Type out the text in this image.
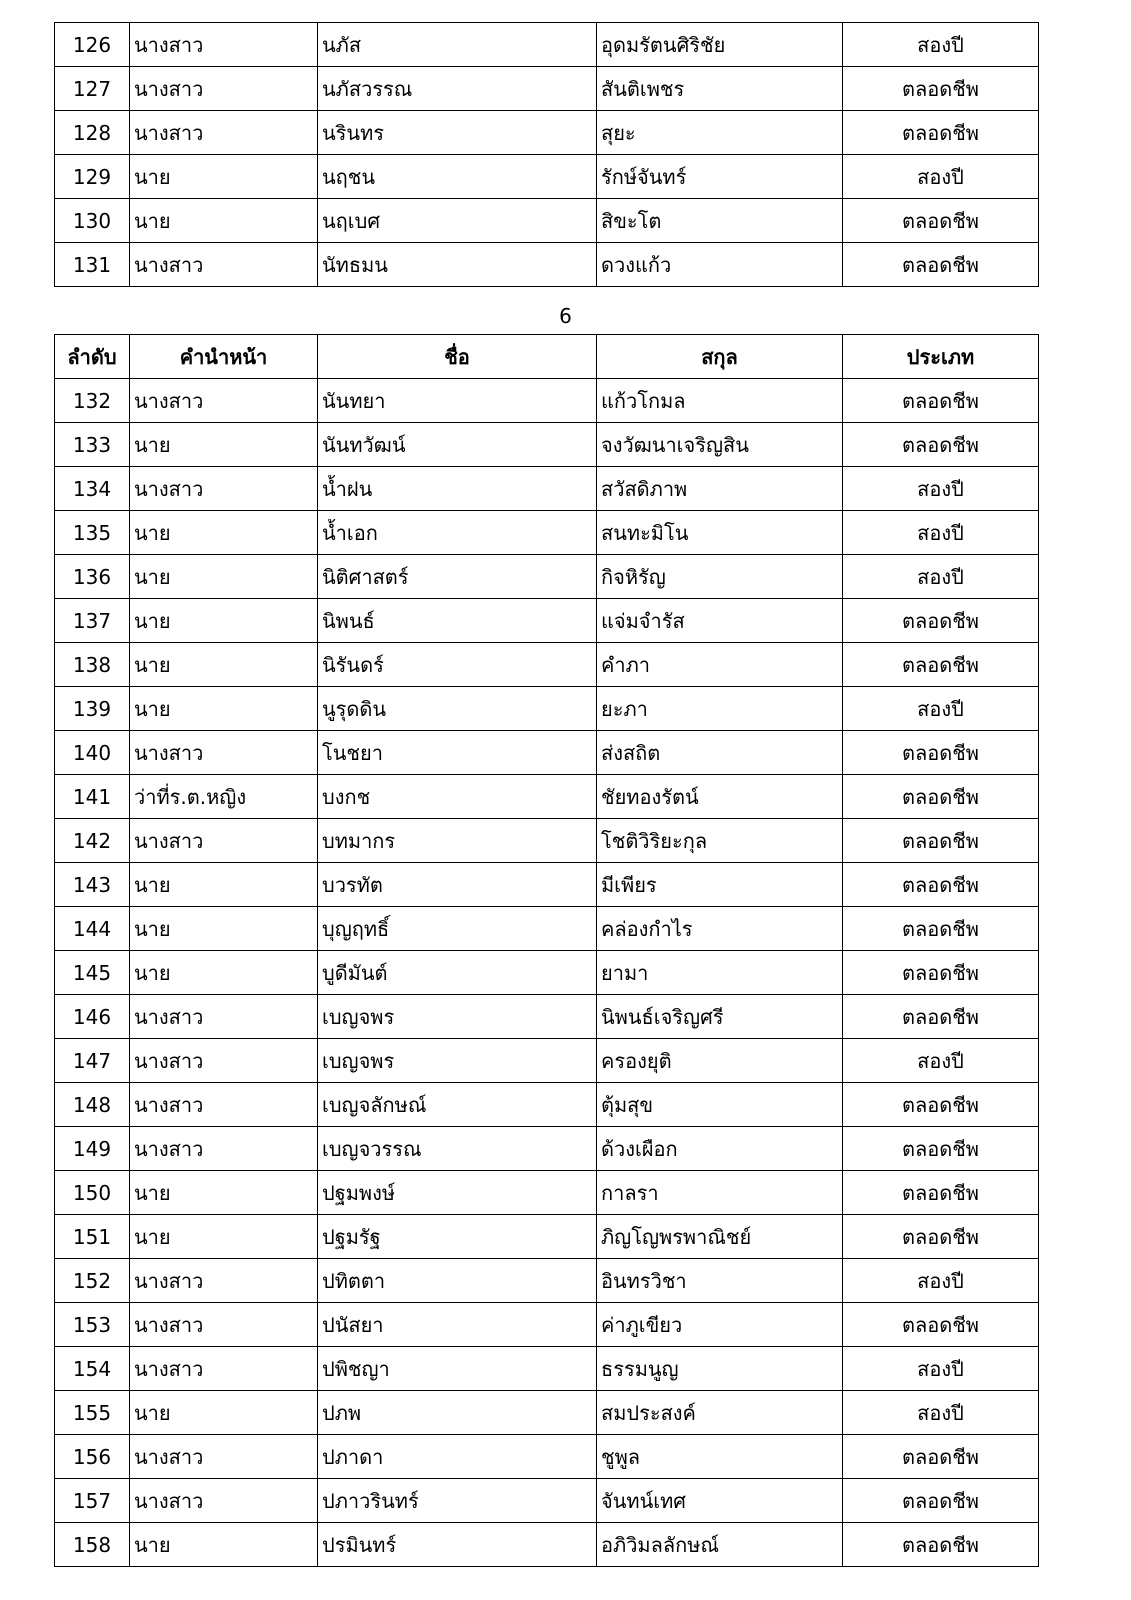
126	นางสาว	นภัส	อุดมรัตนศิริชัย	สองปี
127	นางสาว	นภัสวรรณ	สันติเพชร	ตลอดชีพ
128	นางสาว	นรินทร	สุยะ	ตลอดชีพ
129	นาย	นฤชน	รักษ์จันทร์	สองปี
130	นาย	นฤเบศ	สิขะโต	ตลอดชีพ
131	นางสาว	นัทธมน	ดวงแก้ว	ตลอดชีพ
6
ลำดับ	คำนำหน้า	ชื่อ	สกุล	ประเภท
132	นางสาว	นันทยา	แก้วโกมล	ตลอดชีพ
133	นาย	นันทวัฒน์	จงวัฒนาเจริญสิน	ตลอดชีพ
134	นางสาว	น้ำฝน	สวัสดิภาพ	สองปี
135	นาย	น้ำเอก	สนทะมิโน	สองปี
136	นาย	นิติศาสตร์	กิจหิรัญ	สองปี
137	นาย	นิพนธ์	แจ่มจำรัส	ตลอดชีพ
138	นาย	นิรันดร์	คำภา	ตลอดชีพ
139	นาย	นูรุดดิน	ยะภา	สองปี
140	นางสาว	โนชยา	ส่งสถิต	ตลอดชีพ
141	ว่าที่ร.ต.หญิง	บงกช	ชัยทองรัตน์	ตลอดชีพ
142	นางสาว	บทมากร	โชติวิริยะกุล	ตลอดชีพ
143	นาย	บวรทัต	มีเพียร	ตลอดชีพ
144	นาย	บุญฤทธิ์	คล่องกำไร	ตลอดชีพ
145	นาย	บูดีมันต์	ยามา	ตลอดชีพ
146	นางสาว	เบญจพร	นิพนธ์เจริญศรี	ตลอดชีพ
147	นางสาว	เบญจพร	ครองยุติ	สองปี
148	นางสาว	เบญจลักษณ์	ตุ้มสุข	ตลอดชีพ
149	นางสาว	เบญจวรรณ	ด้วงเผือก	ตลอดชีพ
150	นาย	ปฐมพงษ์	กาลรา	ตลอดชีพ
151	นาย	ปฐมรัฐ	ภิญโญพรพาณิชย์	ตลอดชีพ
152	นางสาว	ปทิตตา	อินทรวิชา	สองปี
153	นางสาว	ปนัสยา	ค่าภูเขียว	ตลอดชีพ
154	นางสาว	ปพิชญา	ธรรมนูญ	สองปี
155	นาย	ปภพ	สมประสงค์	สองปี
156	นางสาว	ปภาดา	ชูพูล	ตลอดชีพ
157	นางสาว	ปภาวรินทร์	จันทน์เทศ	ตลอดชีพ
158	นาย	ปรมินทร์	อภิวิมลลักษณ์	ตลอดชีพ
